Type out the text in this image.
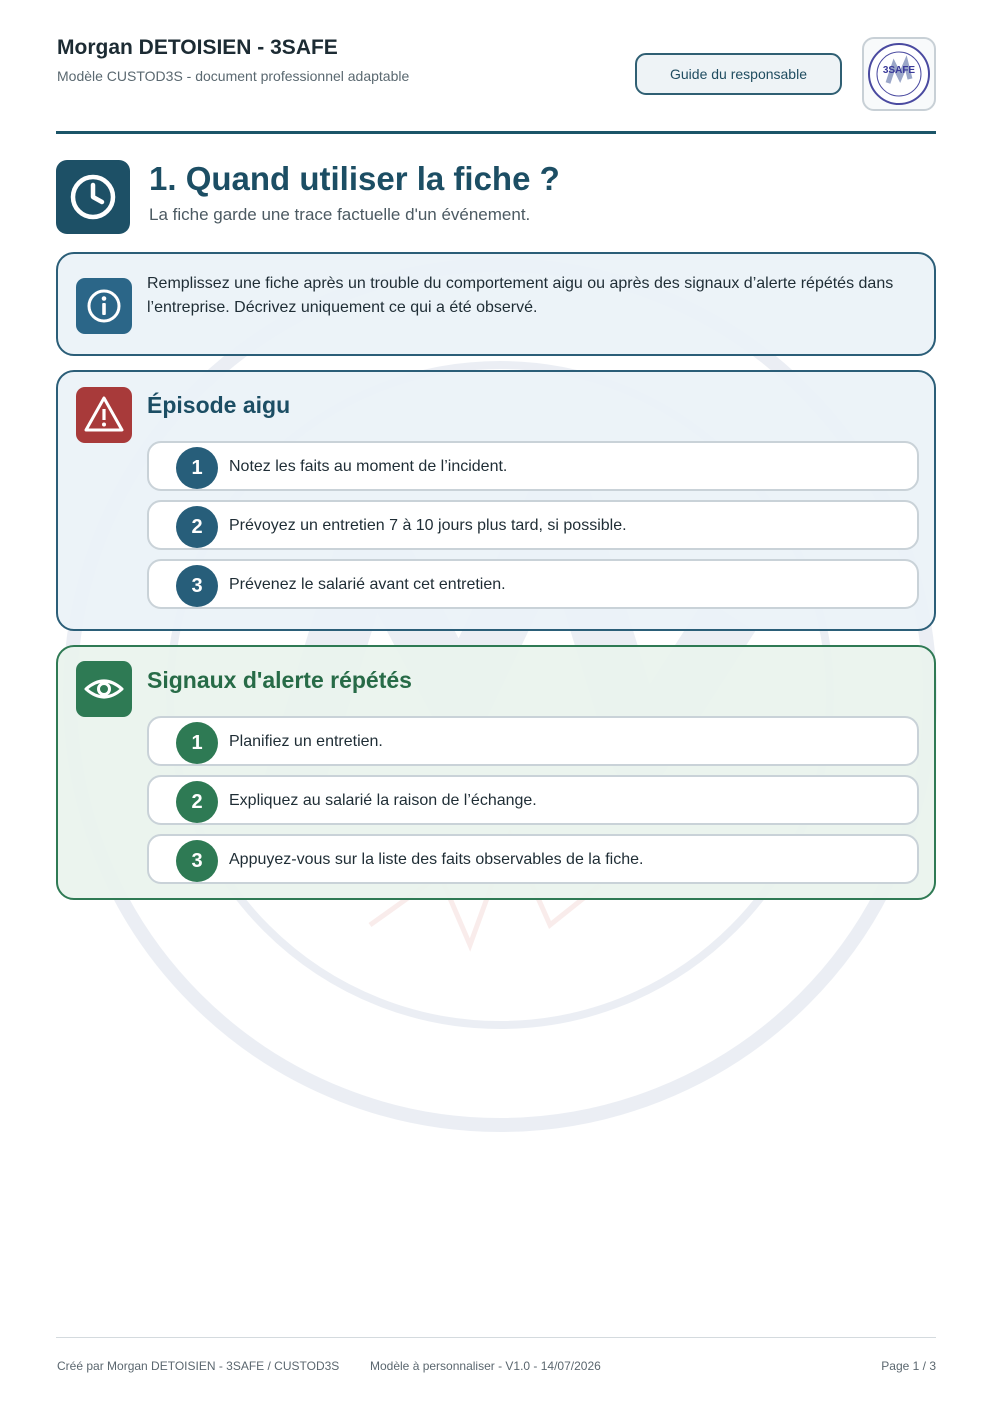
Morgan DETOISIEN - 3SAFE
Modèle CUSTOD3S - document professionnel adaptable	Guide du responsable	3SAFE
1. Quand utiliser la fiche ?
La fiche garde une trace factuelle d'un événement.
Remplissez une fiche après un trouble du comportement aigu ou après des signaux d’alerte répétés dans l’entreprise. Décrivez uniquement ce qui a été observé.
Épisode aigu
1	Notez les faits au moment de l’incident.
2	Prévoyez un entretien 7 à 10 jours plus tard, si possible.
3	Prévenez le salarié avant cet entretien.
Signaux d'alerte répétés
1	Planifiez un entretien.
2	Expliquez au salarié la raison de l’échange.
3	Appuyez-vous sur la liste des faits observables de la fiche.
Créé par Morgan DETOISIEN - 3SAFE / CUSTOD3S	Modèle à personnaliser - V1.0 - 14/07/2026	Page 1 / 3
